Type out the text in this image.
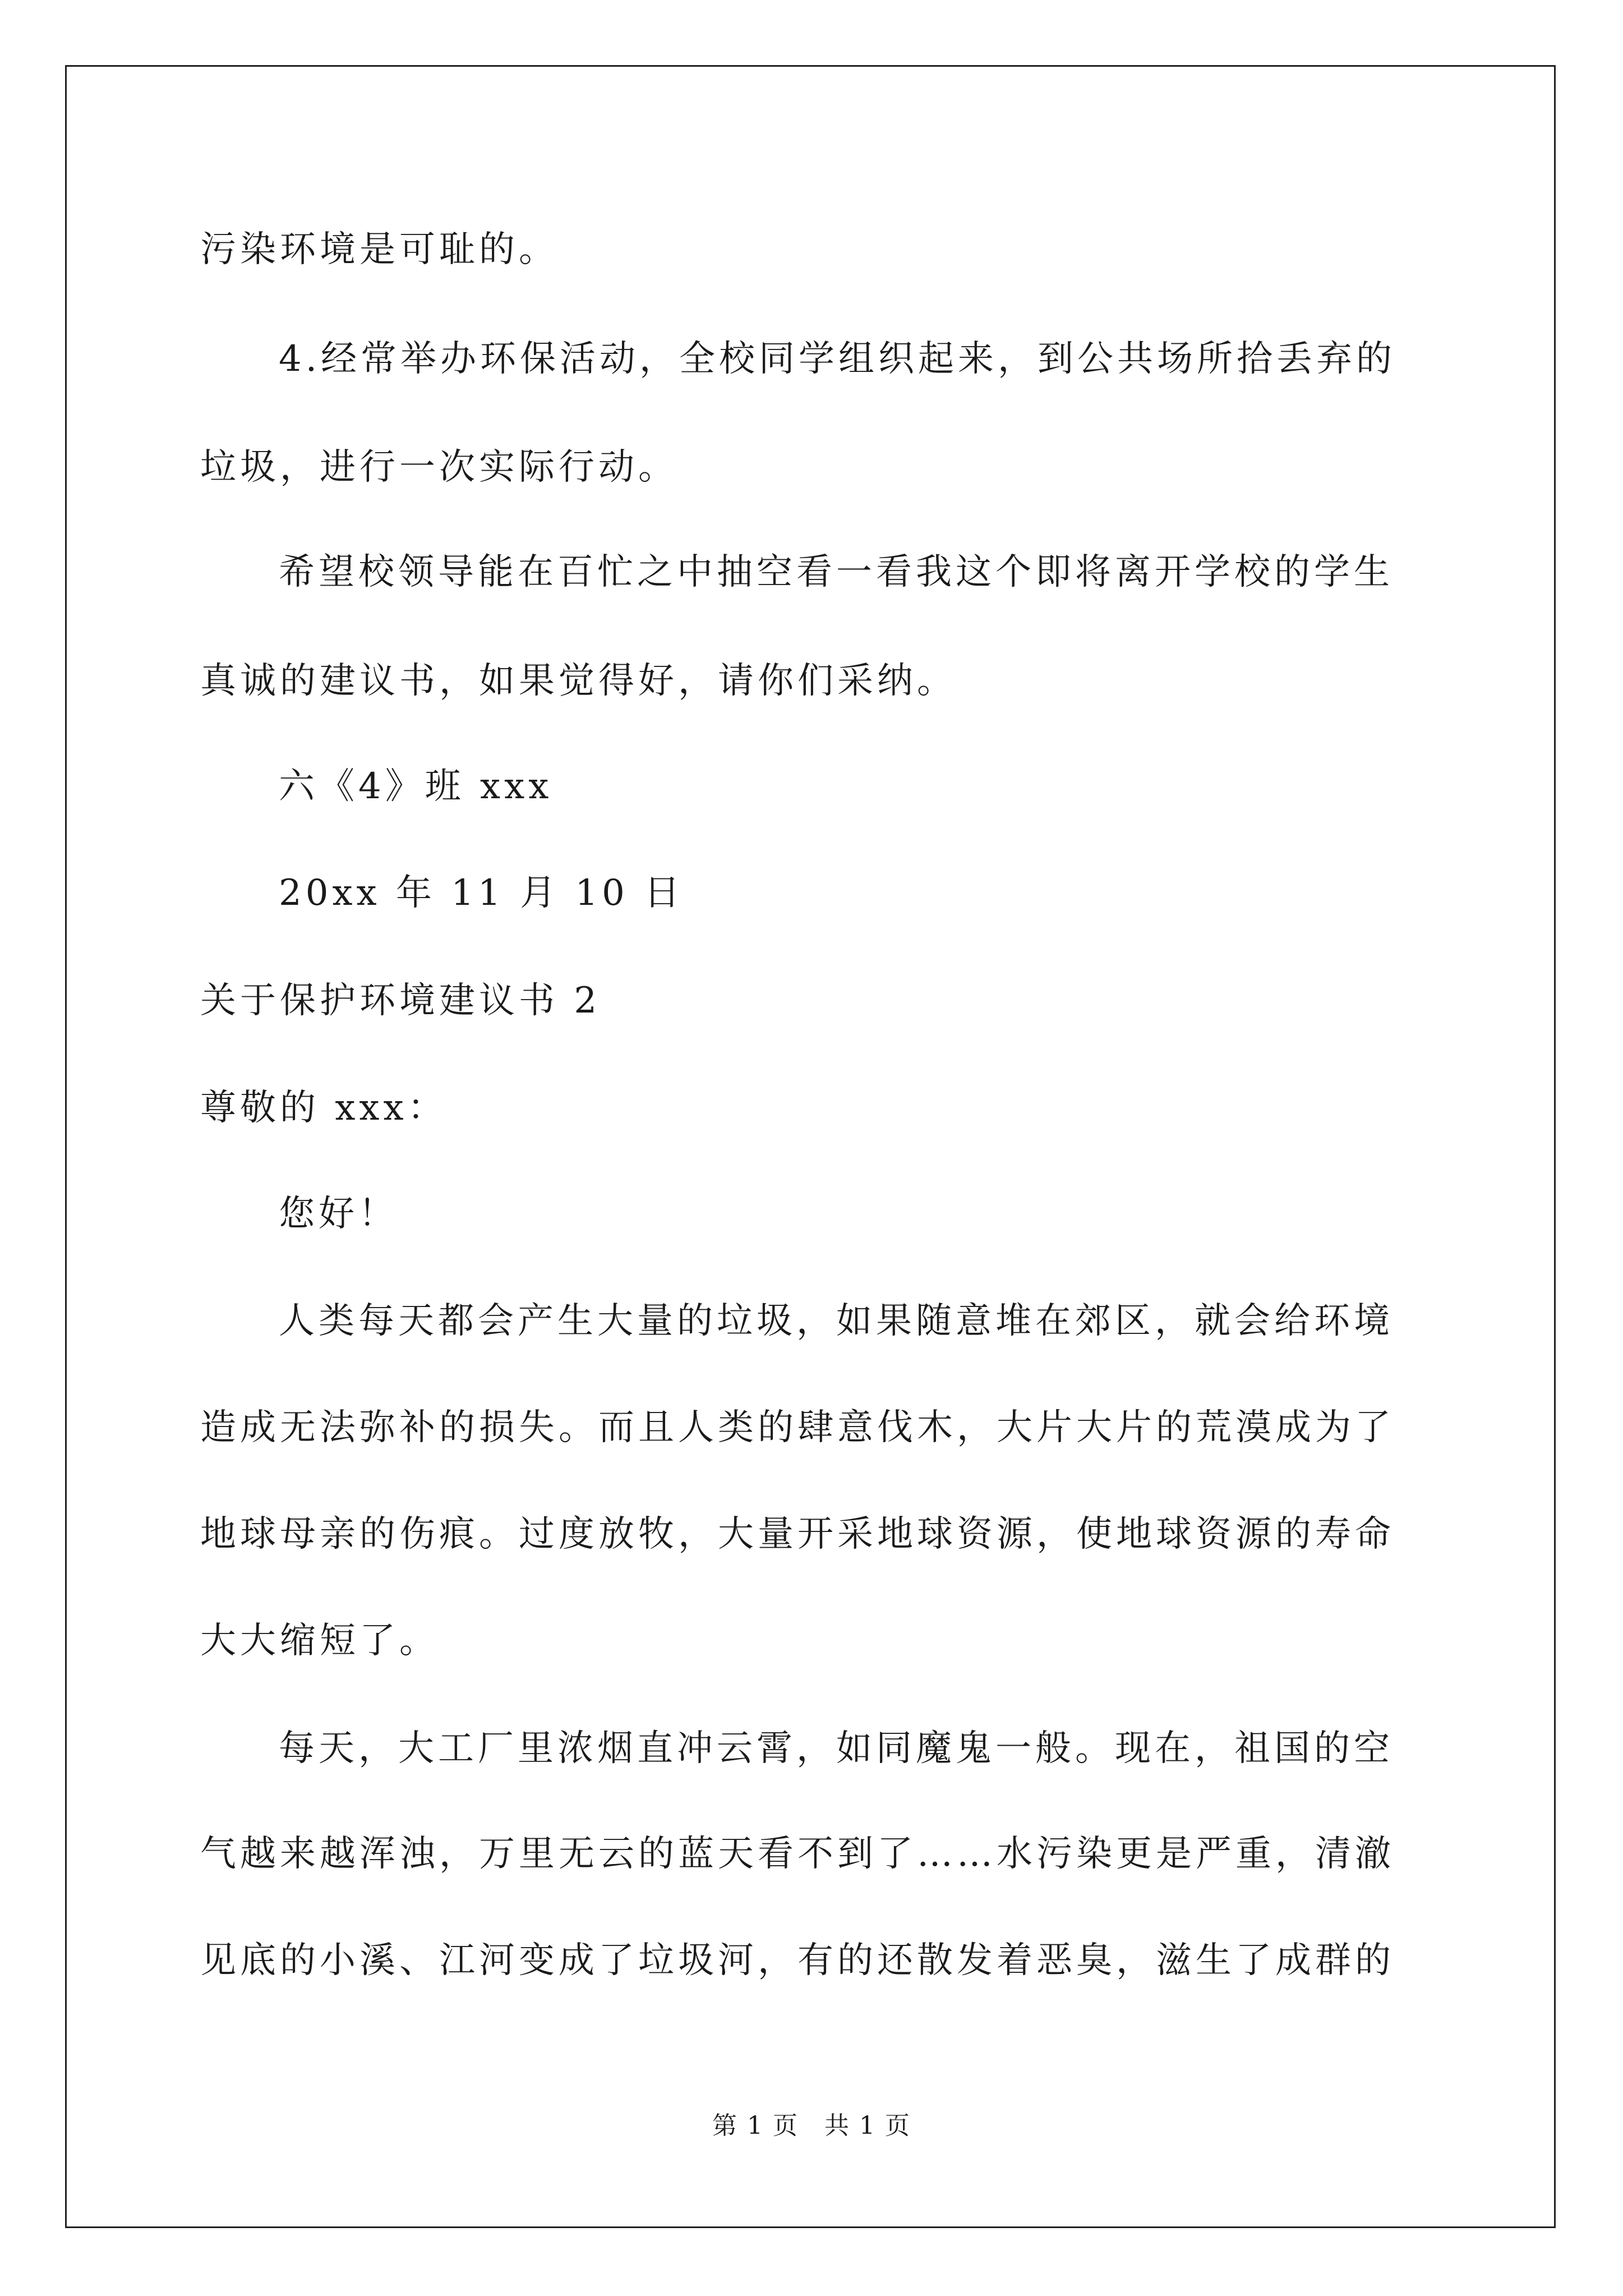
污染环境是可耻的。
4.经常举办环保活动，全校同学组织起来，到公共场所拾丢弃的
垃圾，进行一次实际行动。
希望校领导能在百忙之中抽空看一看我这个即将离开学校的学生
真诚的建议书，如果觉得好，请你们采纳。
六《4》班 xxx
20xx 年 11 月 10 日
关于保护环境建议书 2
尊敬的 xxx：
您好！
人类每天都会产生大量的垃圾，如果随意堆在郊区，就会给环境
造成无法弥补的损失。而且人类的肆意伐木，大片大片的荒漠成为了
地球母亲的伤痕。过度放牧，大量开采地球资源，使地球资源的寿命
大大缩短了。
每天，大工厂里浓烟直冲云霄，如同魔鬼一般。现在，祖国的空
气越来越浑浊，万里无云的蓝天看不到了……水污染更是严重，清澈
见底的小溪、江河变成了垃圾河，有的还散发着恶臭，滋生了成群的
第 1 页　共 1 页
